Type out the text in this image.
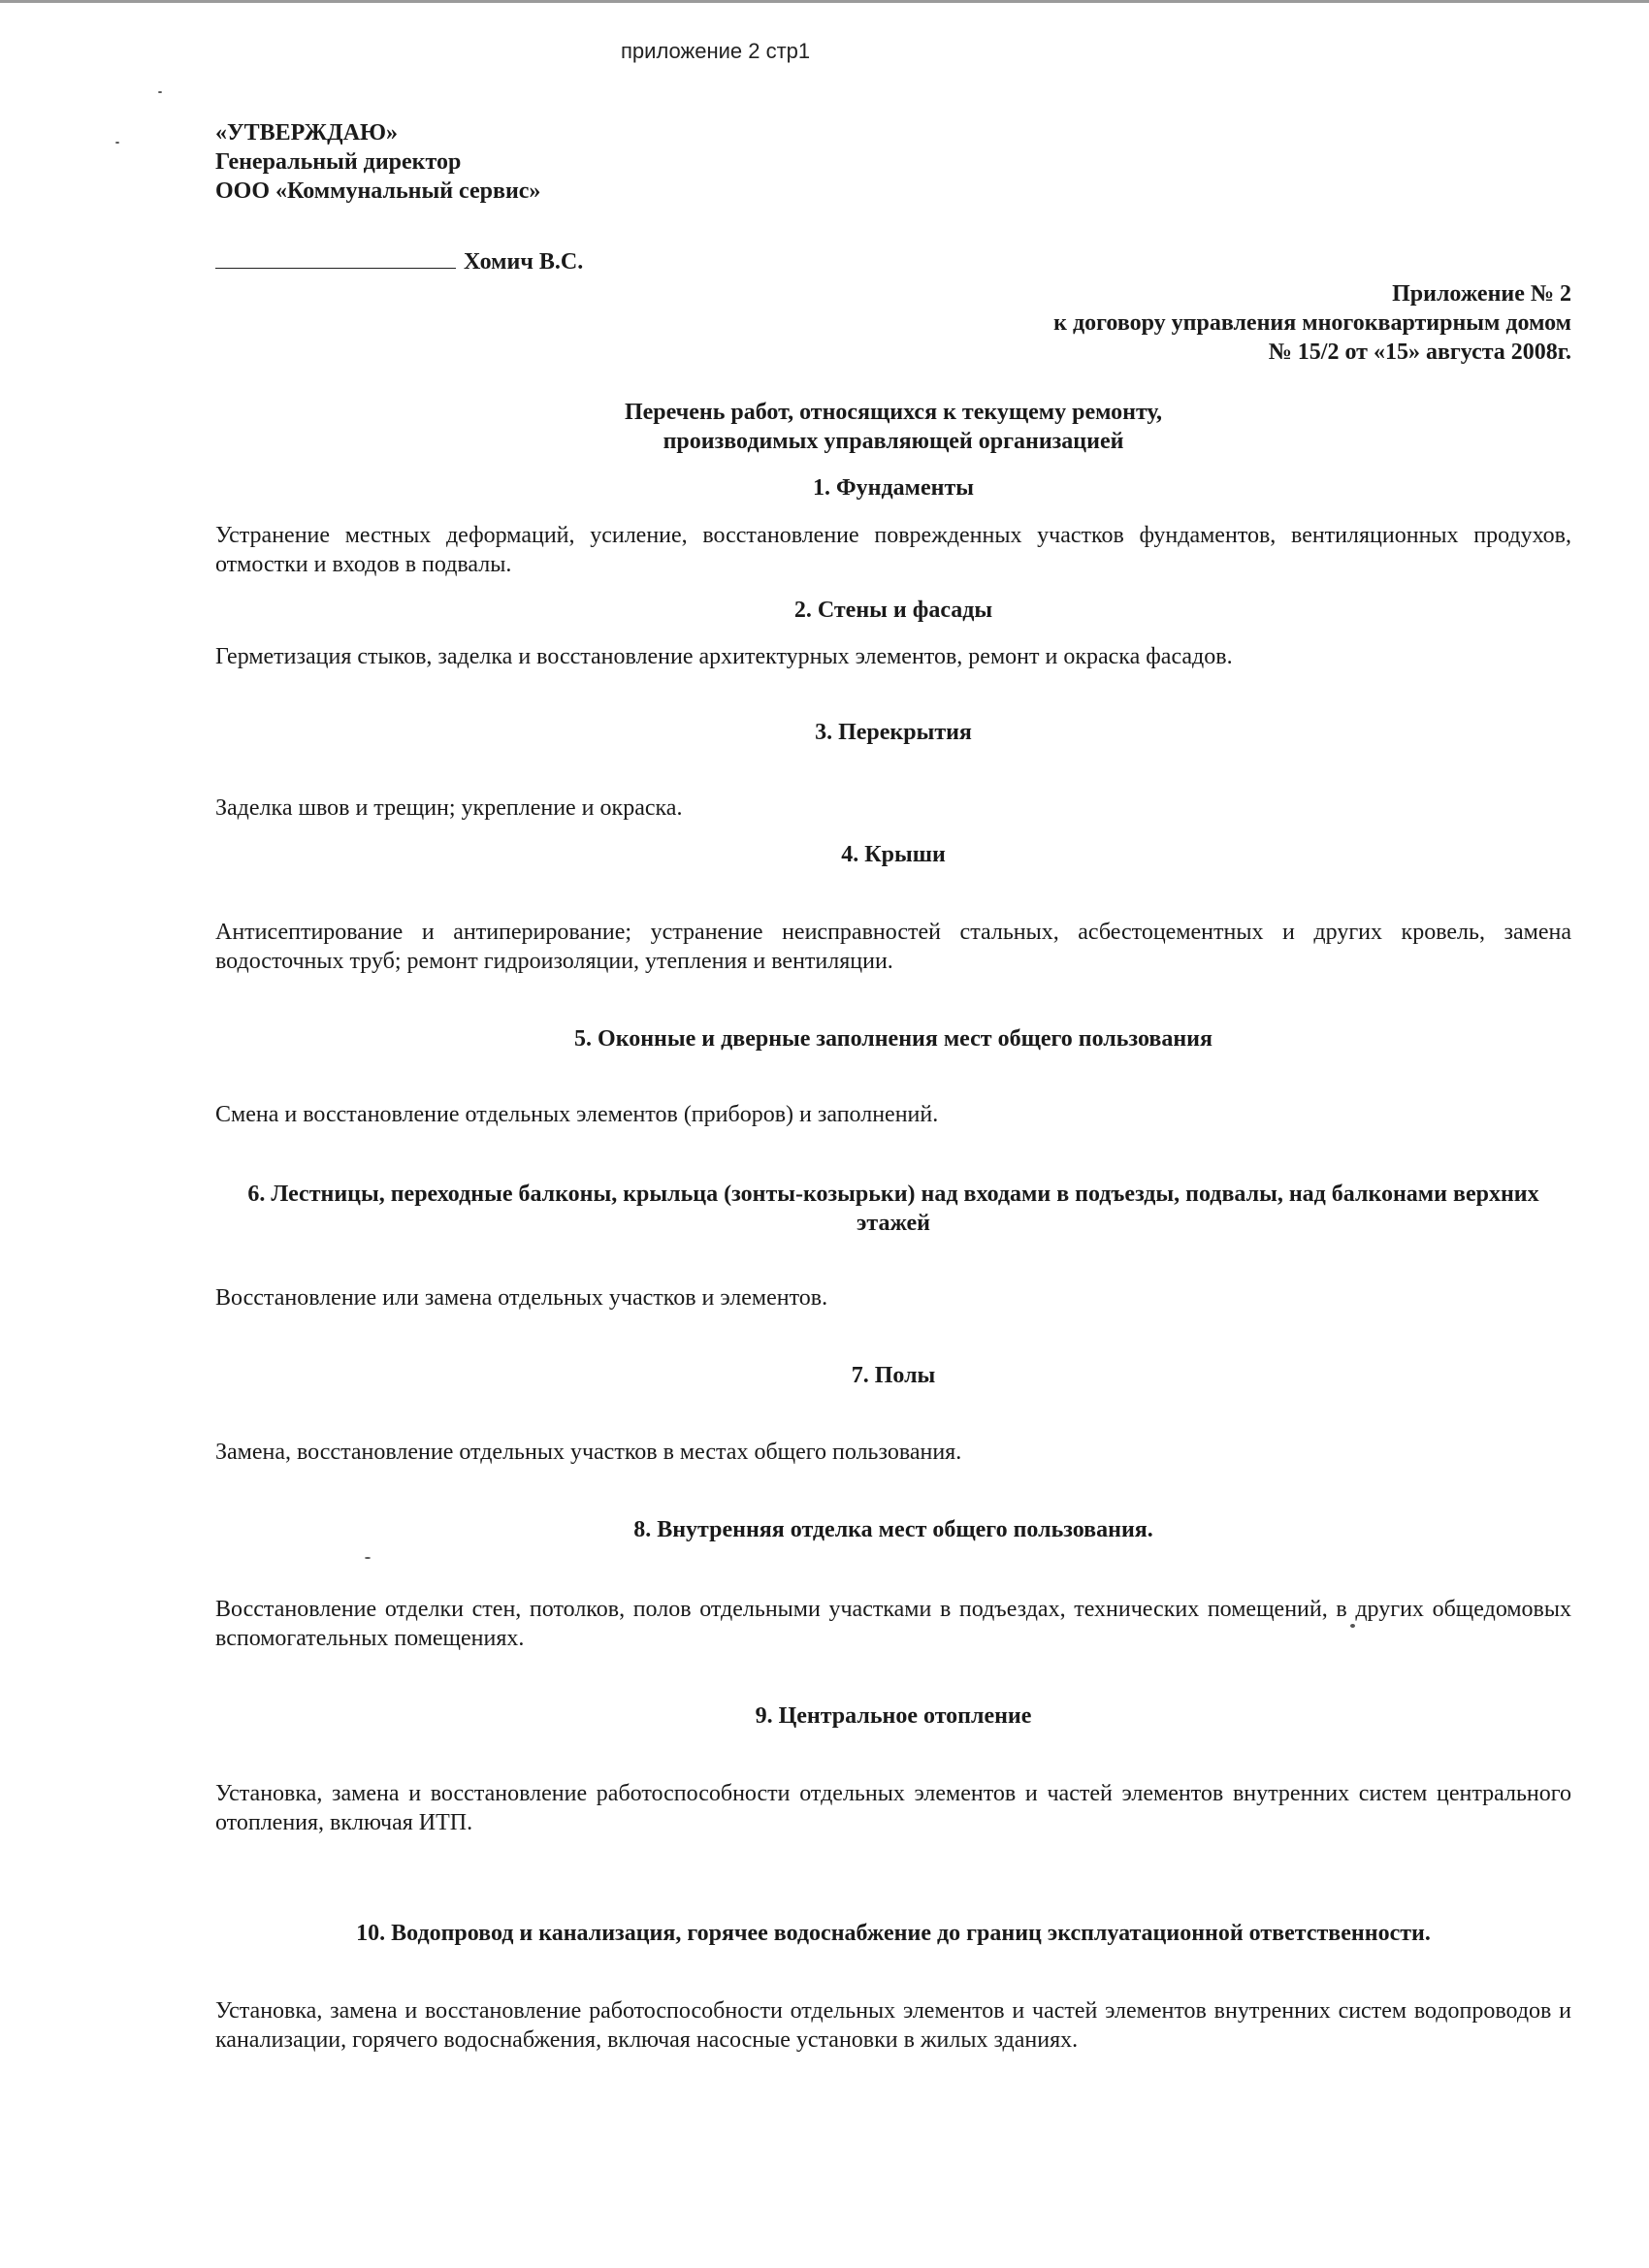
приложение 2 стр1
«УТВЕРЖДАЮ»
Генеральный директор
ООО «Коммунальный сервис»
Хомич В.С.
Приложение № 2
к договору управления многоквартирным домом
№ 15/2 от «15» августа 2008г.
Перечень работ, относящихся к текущему ремонту,
производимых управляющей организацией
1. Фундаменты
Устранение местных деформаций, усиление, восстановление поврежденных участков фундаментов, вентиляционных продухов, отмостки и входов в подвалы.
2. Стены и фасады
Герметизация стыков, заделка и восстановление архитектурных элементов, ремонт и окраска фасадов.
3. Перекрытия
Заделка швов и трещин; укрепление и окраска.
4. Крыши
Антисептирование и антиперирование; устранение неисправностей стальных, асбестоцементных и других кровель, замена водосточных труб; ремонт гидроизоляции, утепления и вентиляции.
5. Оконные и дверные заполнения мест общего пользования
Смена и восстановление отдельных элементов (приборов) и заполнений.
6. Лестницы, переходные балконы, крыльца (зонты-козырьки) над входами в подъезды, подвалы, над балконами верхних этажей
Восстановление или замена отдельных участков и элементов.
7. Полы
Замена, восстановление отдельных участков в местах общего пользования.
8. Внутренняя отделка мест общего пользования.
Восстановление отделки стен, потолков, полов отдельными участками в подъездах, технических помещений, в других общедомовых вспомогательных помещениях.
9. Центральное отопление
Установка, замена и восстановление работоспособности отдельных элементов и частей элементов внутренних систем центрального отопления, включая ИТП.
10. Водопровод и канализация, горячее водоснабжение до границ эксплуатационной ответственности.
Установка, замена и восстановление работоспособности отдельных элементов и частей элементов внутренних систем водопроводов и канализации, горячего водоснабжения, включая насосные установки в жилых зданиях.
